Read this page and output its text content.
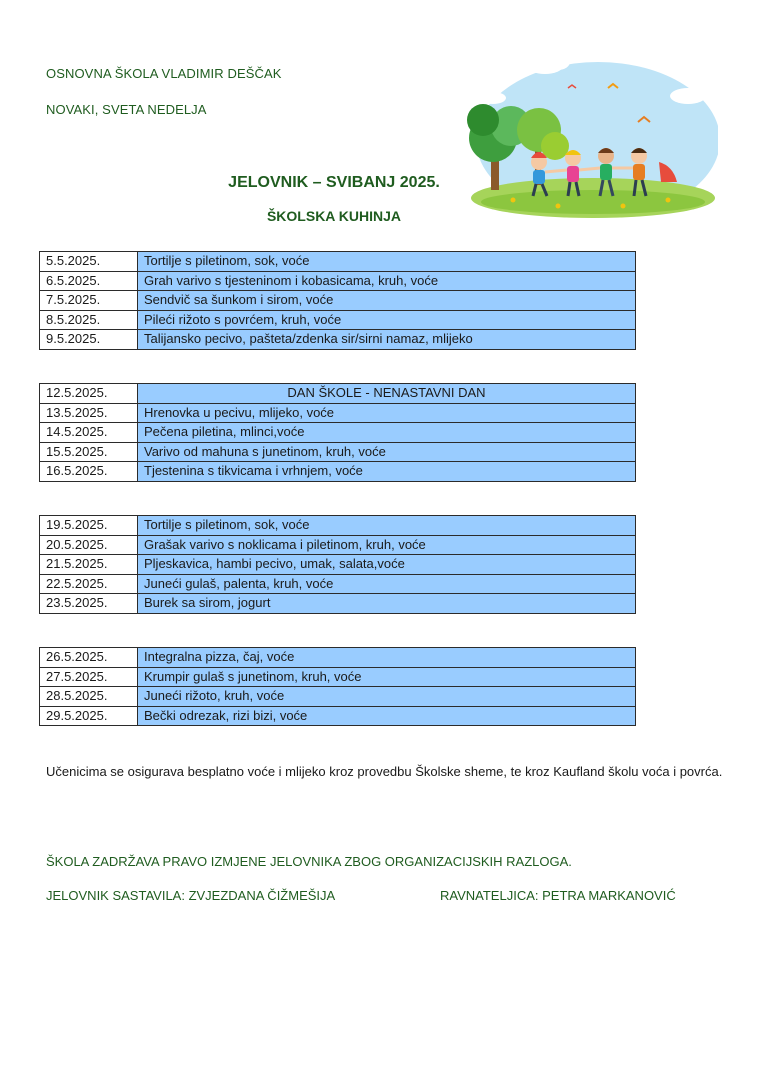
OSNOVNA ŠKOLA VLADIMIR DEŠČAK
NOVAKI, SVETA NEDELJA
JELOVNIK – SVIBANJ 2025.
ŠKOLSKA KUHINJA
5.5.2025.	Tortilje s piletinom, sok, voće
6.5.2025.	Grah varivo s tjesteninom i kobasicama, kruh, voće
7.5.2025.	Sendvič sa šunkom i sirom, voće
8.5.2025.	Pileći rižoto s povrćem, kruh, voće
9.5.2025.	Talijansko pecivo, pašteta/zdenka sir/sirni namaz, mlijeko
12.5.2025.	DAN ŠKOLE - NENASTAVNI DAN
13.5.2025.	Hrenovka u pecivu, mlijeko, voće
14.5.2025.	Pečena piletina, mlinci,voće
15.5.2025.	Varivo od mahuna s junetinom, kruh, voće
16.5.2025.	Tjestenina s tikvicama i vrhnjem, voće
19.5.2025.	Tortilje s piletinom, sok, voće
20.5.2025.	Grašak varivo s noklicama i piletinom, kruh, voće
21.5.2025.	Pljeskavica, hambi pecivo, umak, salata,voće
22.5.2025.	Juneći gulaš, palenta, kruh, voće
23.5.2025.	Burek sa sirom, jogurt
26.5.2025.	Integralna pizza, čaj, voće
27.5.2025.	Krumpir gulaš s junetinom, kruh, voće
28.5.2025.	Juneći rižoto, kruh, voće
29.5.2025.	Bečki odrezak, rizi bizi, voće
Učenicima se osigurava besplatno voće i mlijeko kroz provedbu Školske sheme, te kroz Kaufland školu voća i povrća.
ŠKOLA ZADRŽAVA PRAVO IZMJENE JELOVNIKA ZBOG ORGANIZACIJSKIH RAZLOGA.
JELOVNIK SASTAVILA: ZVJEZDANA ČIŽMEŠIJA	RAVNATELJICA: PETRA MARKANOVIĆ
